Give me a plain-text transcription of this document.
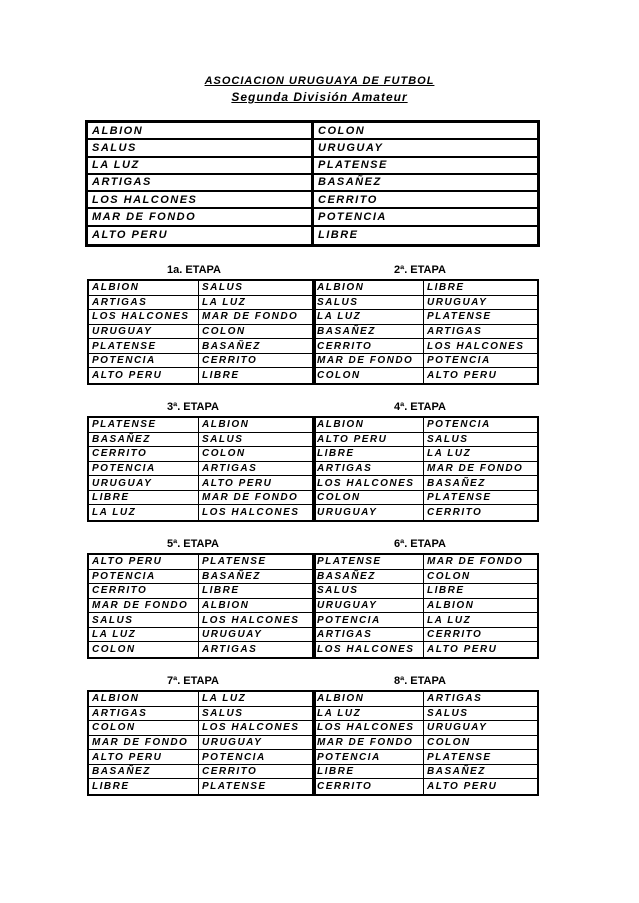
ASOCIACION URUGUAYA DE FUTBOL
Segunda División Amateur
ALBION	COLON
SALUS	URUGUAY
LA LUZ	PLATENSE
ARTIGAS	BASAÑEZ
LOS HALCONES	CERRITO
MAR DE FONDO	POTENCIA
ALTO PERU	LIBRE
1a. ETAPA
ALBION	SALUS
ARTIGAS	LA LUZ
LOS HALCONES	MAR DE FONDO
URUGUAY	COLON
PLATENSE	BASAÑEZ
POTENCIA	CERRITO
ALTO PERU	LIBRE
2ª. ETAPA
ALBION	LIBRE
SALUS	URUGUAY
LA LUZ	PLATENSE
BASAÑEZ	ARTIGAS
CERRITO	LOS HALCONES
MAR DE FONDO	POTENCIA
COLON	ALTO PERU
3ª. ETAPA
PLATENSE	ALBION
BASAÑEZ	SALUS
CERRITO	COLON
POTENCIA	ARTIGAS
URUGUAY	ALTO PERU
LIBRE	MAR DE FONDO
LA LUZ	LOS HALCONES
4ª. ETAPA
ALBION	POTENCIA
ALTO PERU	SALUS
LIBRE	LA LUZ
ARTIGAS	MAR DE FONDO
LOS HALCONES	BASAÑEZ
COLON	PLATENSE
URUGUAY	CERRITO
5ª. ETAPA
ALTO PERU	PLATENSE
POTENCIA	BASAÑEZ
CERRITO	LIBRE
MAR DE FONDO	ALBION
SALUS	LOS HALCONES
LA LUZ	URUGUAY
COLON	ARTIGAS
6ª. ETAPA
PLATENSE	MAR DE FONDO
BASAÑEZ	COLON
SALUS	LIBRE
URUGUAY	ALBION
POTENCIA	LA LUZ
ARTIGAS	CERRITO
LOS HALCONES	ALTO PERU
7ª. ETAPA
ALBION	LA LUZ
ARTIGAS	SALUS
COLON	LOS HALCONES
MAR DE FONDO	URUGUAY
ALTO PERU	POTENCIA
BASAÑEZ	CERRITO
LIBRE	PLATENSE
8ª. ETAPA
ALBION	ARTIGAS
LA LUZ	SALUS
LOS HALCONES	URUGUAY
MAR DE FONDO	COLON
POTENCIA	PLATENSE
LIBRE	BASAÑEZ
CERRITO	ALTO PERU
